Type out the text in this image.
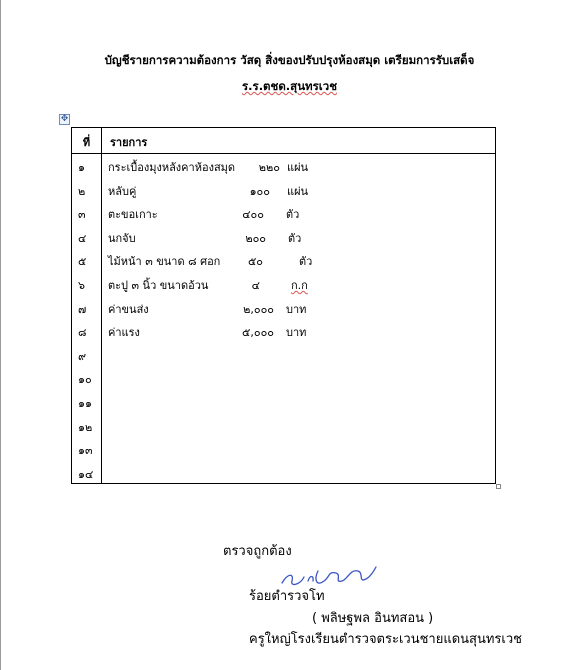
บัญชีรายการความต้องการ วัสดุ สิ่งของปรับปรุงห้องสมุด เตรียมการรับเสด็จ
ร.ร.ตชด.สุนทรเวช
✥
ที่	รายการ
๑	กระเบื้องมุงหลังคาห้องสมุด ๒๒๐ แผ่น
๒	หลับคู่	๑๐๐ แผ่น
๓	ตะขอเกาะ	๔๐๐ ตัว
๔	นกจับ	๒๐๐ ตัว
๕	ไม้หน้า ๓ ขนาด ๘ ศอก	๕๐	ตัว
๖	ตะปู ๓ นิ้ว ขนาดอ้วน	๔	ก.ก
๗	ค่าขนส่ง	๒,๐๐๐ บาท
๘	ค่าแรง	๕,๐๐๐ บาท
๙
๑๐
๑๑
๑๒
๑๓
๑๔
ตรวจถูกต้อง
ร้อยตำรวจโท
( พลิษฐพล อินทสอน )
ครูใหญ่โรงเรียนตำรวจตระเวนชายแดนสุนทรเวช
